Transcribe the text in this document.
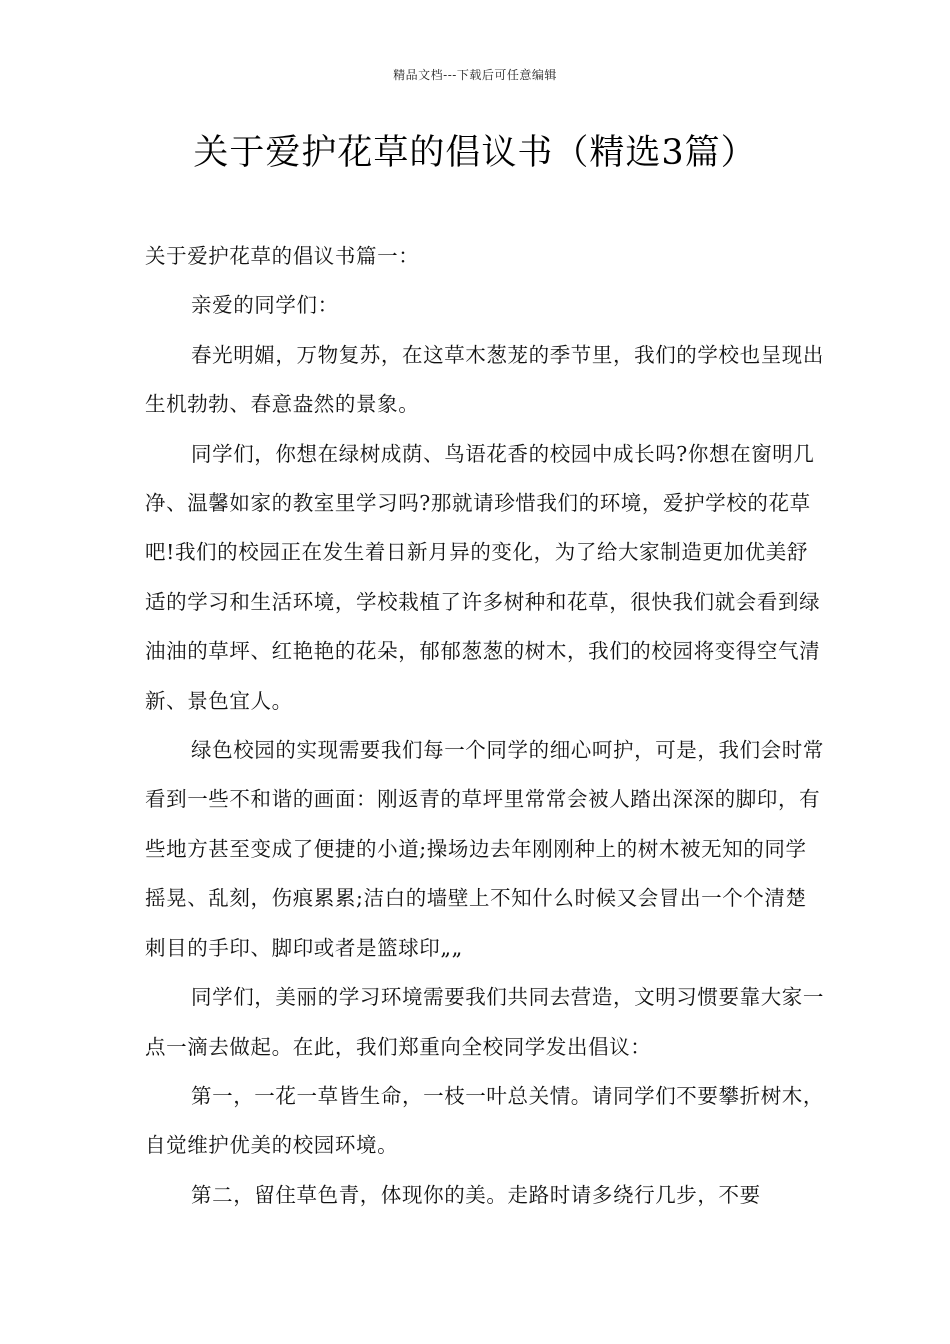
精品文档---下载后可任意编辑
关于爱护花草的倡议书（精选3篇）

关于爱护花草的倡议书篇一：

亲爱的同学们：

春光明媚，万物复苏，在这草木葱茏的季节里，我们的学校也呈现出生机勃勃、春意盎然的景象。

同学们，你想在绿树成荫、鸟语花香的校园中成长吗?你想在窗明几净、温馨如家的教室里学习吗?那就请珍惜我们的环境，爱护学校的花草吧!我们的校园正在发生着日新月异的变化，为了给大家制造更加优美舒适的学习和生活环境，学校栽植了许多树种和花草，很快我们就会看到绿油油的草坪、红艳艳的花朵，郁郁葱葱的树木，我们的校园将变得空气清新、景色宜人。

绿色校园的实现需要我们每一个同学的细心呵护，可是，我们会时常看到一些不和谐的画面：刚返青的草坪里常常会被人踏出深深的脚印，有些地方甚至变成了便捷的小道;操场边去年刚刚种上的树木被无知的同学摇晃、乱刻，伤痕累累;洁白的墙壁上不知什么时候又会冒出一个个清楚刺目的手印、脚印或者是篮球印„„

同学们，美丽的学习环境需要我们共同去营造，文明习惯要靠大家一点一滴去做起。在此，我们郑重向全校同学发出倡议：

第一，一花一草皆生命，一枝一叶总关情。请同学们不要攀折树木，自觉维护优美的校园环境。

第二，留住草色青，体现你的美。走路时请多绕行几步，不要
